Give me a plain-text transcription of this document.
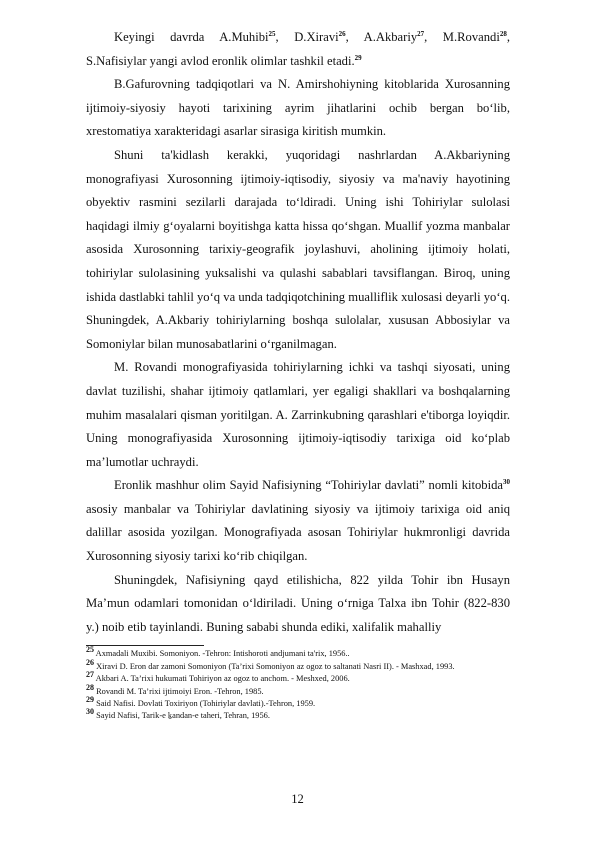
Keyingi davrda A.Muhibi$^{25}$, D.Xiravi$^{26}$, A.Akbariy$^{27}$, M.Rovandi$^{28}$, S.Nafisiylar yangi avlod eronlik olimlar tashkil etadi.$^{29}$

B.Gafurovning tadqiqotlari va N. Amirshohiyning kitoblarida Xurosanning ijtimoiy-siyosiy hayoti tarixining ayrim jihatlarini ochib bergan bo‘lib, xrestomatiya xarakteridagi asarlar sirasiga kiritish mumkin.

Shuni ta'kidlash kerakki, yuqoridagi nashrlardan A.Akbariyning monografiyasi Xurosonning ijtimoiy-iqtisodiy, siyosiy va ma'naviy hayotining obyektiv rasmini sezilarli darajada to‘ldiradi. Uning ishi Tohiriylar sulolasi haqidagi ilmiy g‘oyalarni boyitishga katta hissa qo‘shgan. Muallif yozma manbalar asosida Xurosonning tarixiy-geografik joylashuvi, aholining ijtimoiy holati, tohiriylar sulolasining yuksalishi va qulashi sabablari tavsiflangan. Biroq, uning ishida dastlabki tahlil yo‘q va unda tadqiqotchining mualliflik xulosasi deyarli yo‘q. Shuningdek, A.Akbariy tohiriylarning boshqa sulolalar, xususan Abbosiylar va Somoniylar bilan munosabatlarini o‘rganilmagan.

M. Rovandi monografiyasida tohiriylarning ichki va tashqi siyosati, uning davlat tuzilishi, shahar ijtimoiy qatlamlari, yer egaligi shakllari va boshqalarning muhim masalalari qisman yoritilgan. A. Zarrinkubning qarashlari e'tiborga loyiqdir. Uning monografiyasida Xurosonning ijtimoiy-iqtisodiy tarixiga oid ko‘plab ma’lumotlar uchraydi.

Eronlik mashhur olim Sayid Nafisiyning “Tohiriylar davlati” nomli kitobida$^{30}$ asosiy manbalar va Tohiriylar davlatining siyosiy va ijtimoiy tarixiga oid aniq dalillar asosida yozilgan. Monografiyada asosan Tohiriylar hukmronligi davrida Xurosonning siyosiy tarixi ko‘rib chiqilgan.

Shuningdek, Nafisiyning qayd etilishicha, 822 yilda Tohir ibn Husayn Ma’mun odamlari tomonidan o‘ldiriladi. Uning o‘rniga Talxa ibn Tohir (822-830 y.) noib etib tayinlandi. Buning sababi shunda ediki, xalifalik mahalliy

$^{25}$ Axmadali Muxibi. Somoniyon. -Tehron: Intishoroti andjumani ta'rix, 1956..
$^{26}$ Xiravi D. Eron dar zamoni Somoniyon (Ta’rixi Somoniyon az ogoz to saltanati Nasri II). - Mashxad, 1993.
$^{27}$ Akbari A. Ta’rixi hukumati Tohiriyon az ogoz to anchom. - Meshxed, 2006.
$^{28}$ Rovandi M. Ta’rixi ijtimoiyi Eron. -Tehron, 1985.
$^{29}$ Said Nafisi. Dovlati Toxiriyon (Tohiriylar davlati).-Tehron, 1959.
$^{30}$ Sayid Nafisi, Tarik-e ḵandan-e taheri, Tehran, 1956.
12
